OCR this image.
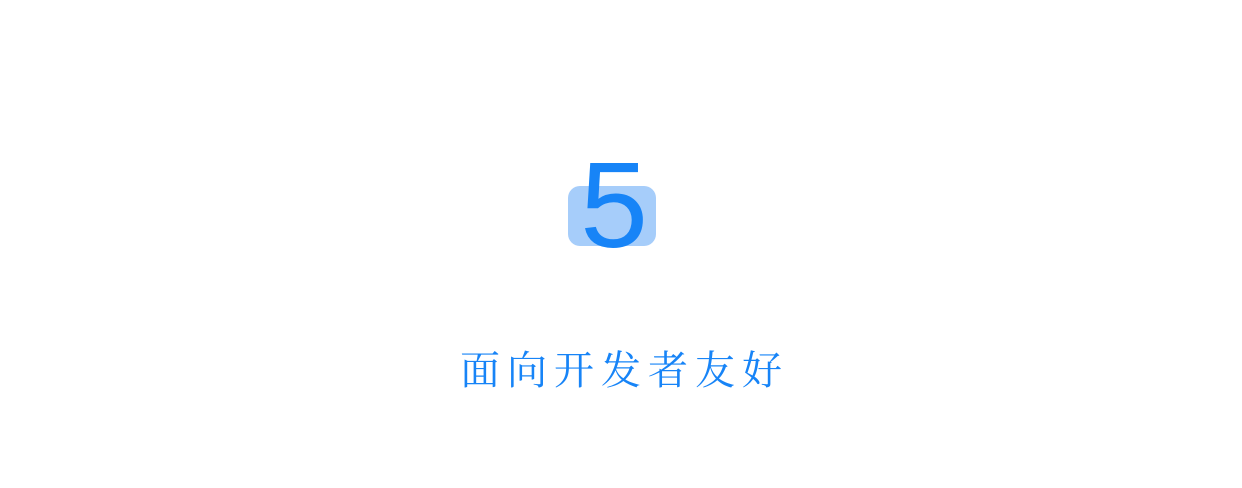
5
面向开发者友好
